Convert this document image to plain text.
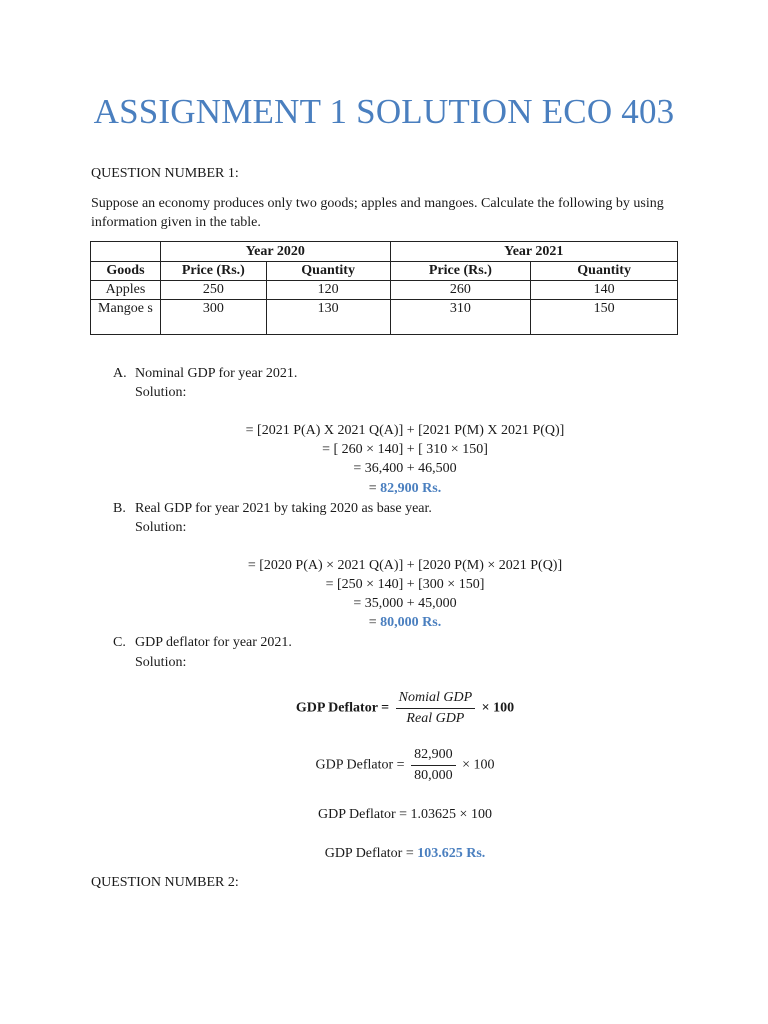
ASSIGNMENT 1 SOLUTION ECO 403
QUESTION NUMBER 1:
Suppose an economy produces only two goods; apples and mangoes. Calculate the following by using information given in the table.
	Year 2020		Year 2021	
Goods	Price (Rs.)	Quantity	Price (Rs.)	Quantity
Apples	250	120	260	140
Mangoe s	300	130	310	150
A. Nominal GDP for year 2021.
Solution:
= [2021 P(A) X 2021 Q(A)] + [2021 P(M) X 2021 P(Q)]
= [ 260 × 140] + [ 310 × 150]
= 36,400 + 46,500
= 82,900 Rs.
B. Real GDP for year 2021 by taking 2020 as base year.
Solution:
= [2020 P(A) × 2021 Q(A)] + [2020 P(M) × 2021 P(Q)]
= [250 × 140] + [300 × 150]
= 35,000 + 45,000
= 80,000 Rs.
C. GDP deflator for year 2021.
Solution:
GDP Deflator = $\frac{\text{Nomial GDP}}{\text{Real GDP}} \times 100$
GDP Deflator = $\frac{82,900}{80,000} \times 100$
GDP Deflator = 1.03625 × 100
GDP Deflator = 103.625 Rs.
QUESTION NUMBER 2:
